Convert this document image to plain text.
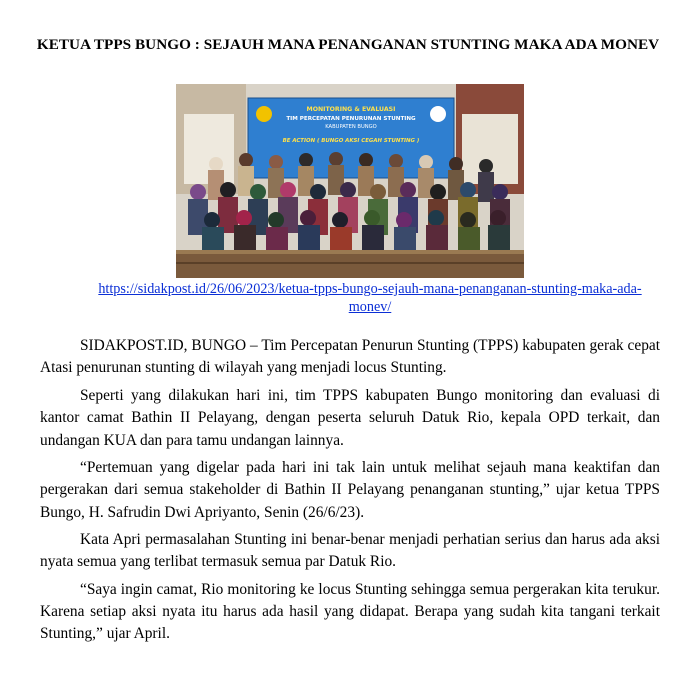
KETUA TPPS BUNGO : SEJAUH MANA PENANGANAN STUNTING MAKA ADA MONEV
MONITORING & EVALUASI
TIM PERCEPATAN PENURUNAN STUNTING
KABUPATEN BUNGO
BE ACTION ( BUNGO AKSI CEGAH STUNTING )
https://sidakpost.id/26/06/2023/ketua-tpps-bungo-sejauh-mana-penanganan-stunting-maka-ada-monev/

SIDAKPOST.ID, BUNGO – Tim Percepatan Penurun Stunting (TPPS) kabupaten gerak cepat Atasi penurunan stunting di wilayah yang menjadi locus Stunting.

Seperti yang dilakukan hari ini, tim TPPS kabupaten Bungo monitoring dan evaluasi di kantor camat Bathin II Pelayang, dengan peserta seluruh Datuk Rio, kepala OPD terkait, dan undangan KUA dan para tamu undangan lainnya.

“Pertemuan yang digelar pada hari ini tak lain untuk melihat sejauh mana keaktifan dan pergerakan dari semua stakeholder di Bathin II Pelayang penanganan stunting,” ujar ketua TPPS Bungo, H. Safrudin Dwi Apriyanto, Senin (26/6/23).

Kata Apri permasalahan Stunting ini benar-benar menjadi perhatian serius dan harus ada aksi nyata semua yang terlibat termasuk semua par Datuk Rio.

“Saya ingin camat, Rio monitoring ke locus Stunting sehingga semua pergerakan kita terukur. Karena setiap aksi nyata itu harus ada hasil yang didapat. Berapa yang sudah kita tangani terkait Stunting,” ujar April.
